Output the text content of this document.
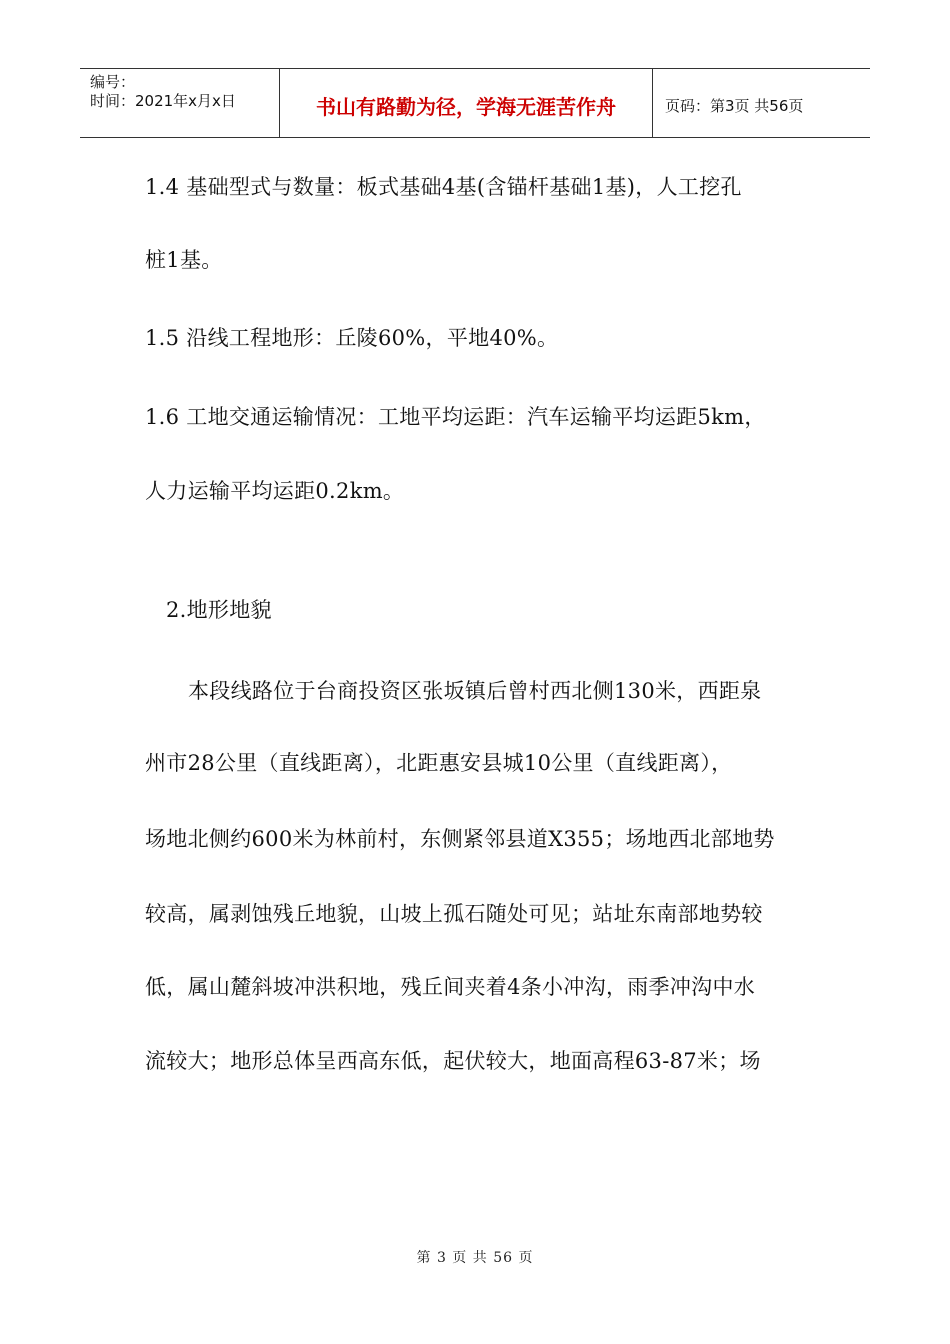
编号：
时间：2021年x月x日	书山有路勤为径，学海无涯苦作舟	页码：第3页 共56页
1.4 基础型式与数量：板式基础4基(含锚杆基础1基)，人工挖孔
桩1基。
1.5 沿线工程地形：丘陵60%，平地40%。
1.6 工地交通运输情况：工地平均运距：汽车运输平均运距5km，
人力运输平均运距0.2km。
2.地形地貌
本段线路位于台商投资区张坂镇后曾村西北侧130米，西距泉
州市28公里（直线距离），北距惠安县城10公里（直线距离），
场地北侧约600米为林前村，东侧紧邻县道X355；场地西北部地势
较高，属剥蚀残丘地貌，山坡上孤石随处可见；站址东南部地势较
低，属山麓斜坡冲洪积地，残丘间夹着4条小冲沟，雨季冲沟中水
流较大；地形总体呈西高东低，起伏较大，地面高程63-87米；场
第 3 页 共 56 页
